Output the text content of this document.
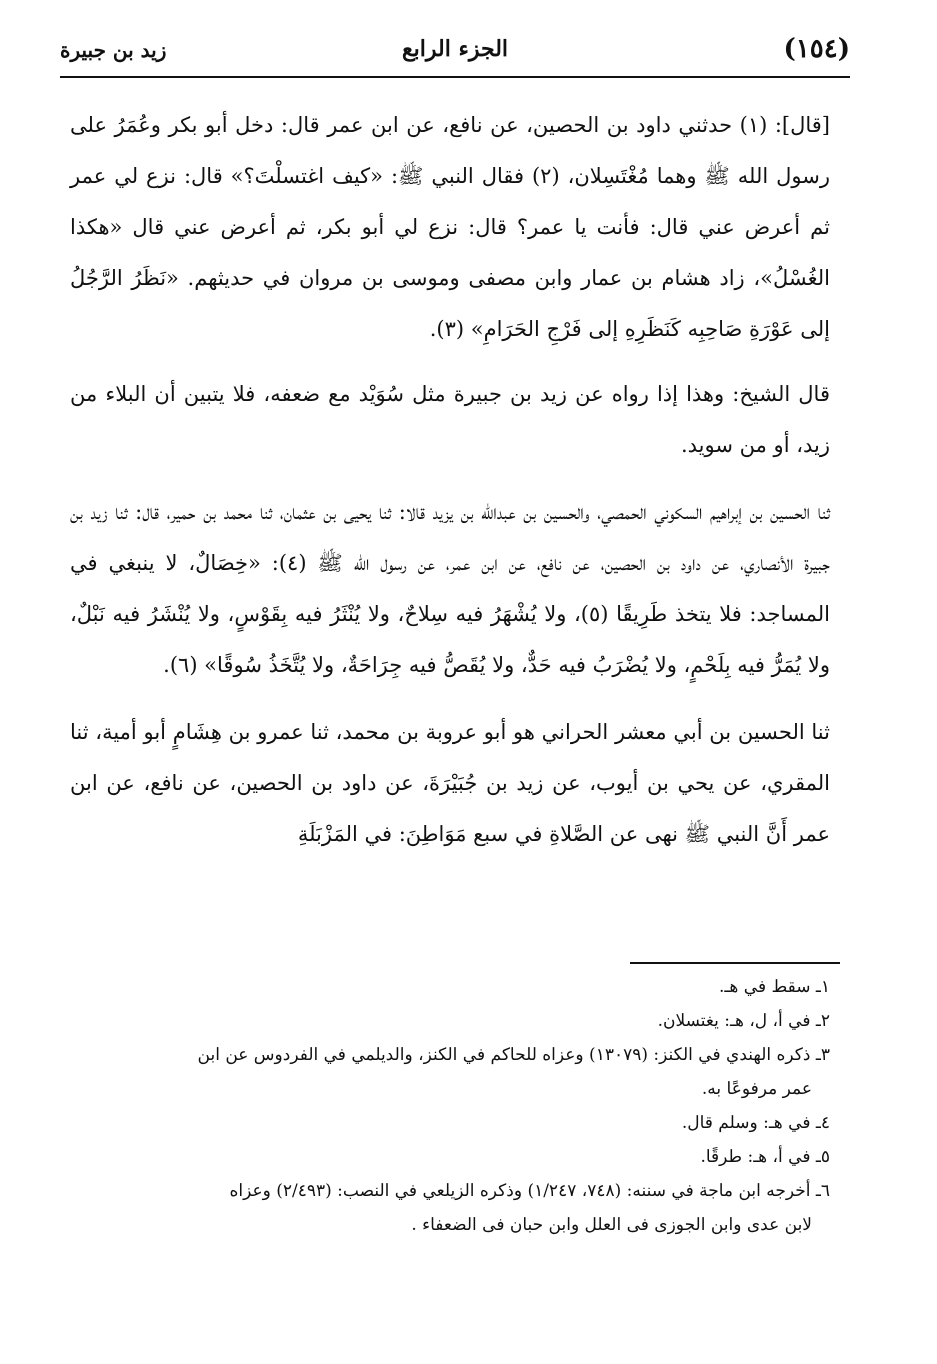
(١٥٤)
الجزء الرابع
زيد بن جبيرة

[قال]: (١) حدثني داود بن الحصين، عن نافع، عن ابن عمر قال: دخل أبو بكر وعُمَرُ على رسول الله ﷺ وهما مُغْتَسِلان، (٢) فقال النبي ﷺ: «كيف اغتسلْتَ؟» قال: نزع لي عمر ثم أعرض عني قال: فأنت يا عمر؟ قال: نزع لي أبو بكر، ثم أعرض عني قال «هكذا الغُسْلُ»، زاد هشام بن عمار وابن مصفى وموسى بن مروان في حديثهم. «نَظَرُ الرَّجُلُ إلى عَوْرَةِ صَاحِبِه كَنَظَرِهِ إلى فَرْجِ الحَرَامِ» (٣).

قال الشيخ: وهذا إذا رواه عن زيد بن جبيرة مثل سُوَيْد مع ضعفه، فلا يتبين أن البلاء من زيد، أو من سويد.

ثنا الحسين بن إبراهيم السكوني الحمصي، والحسين بن عبدالله بن يزيد قالا: ثنا يحيى بن عثمان، ثنا محمد بن حمير، قال: ثنا زيد بن جبيرة الأنصاري، عن داود بن الحصين، عن نافع، عن ابن عمر، عن رسول الله ﷺ (٤): «خِصَالٌ، لا ينبغي في المساجد: فلا يتخذ طَرِيقًا (٥)، ولا يُشْهَرُ فيه سِلاحٌ، ولا يُنْثَرُ فيه بِقَوْسٍ، ولا يُنْشَرُ فيه نَبْلٌ، ولا يُمَرُّ فيه بِلَحْمٍ، ولا يُضْرَبُ فيه حَدٌّ، ولا يُقَصُّ فيه جِرَاحَةٌ، ولا يُتَّخَذُ سُوقًا» (٦).

ثنا الحسين بن أبي معشر الحراني هو أبو عروبة بن محمد، ثنا عمرو بن هِشَامٍ أبو أمية، ثنا المقري، عن يحي بن أيوب، عن زيد بن جُبَيْرَةَ، عن داود بن الحصين، عن نافع، عن ابن عمر أَنَّ النبي ﷺ نهى عن الصَّلاةِ في سبع مَوَاطِنَ: في المَزْبَلَةِ

١ـ سقط في هـ.

٢ـ في أ، ل، هـ: يغتسلان.

٣ـ ذكره الهندي في الكنز: (١٣٠٧٩) وعزاه للحاكم في الكنز، والديلمي في الفردوس عن ابن

عمر مرفوعًا به.

٤ـ في هـ: وسلم قال.

٥ـ في أ، هـ: طرقًا.

٦ـ أخرجه ابن ماجة في سننه: (٧٤٨، ١/٢٤٧) وذكره الزيلعي في النصب: (٢/٤٩٣) وعزاه

لابن عدى وابن الجوزى فى العلل وابن حبان فى الضعفاء .
